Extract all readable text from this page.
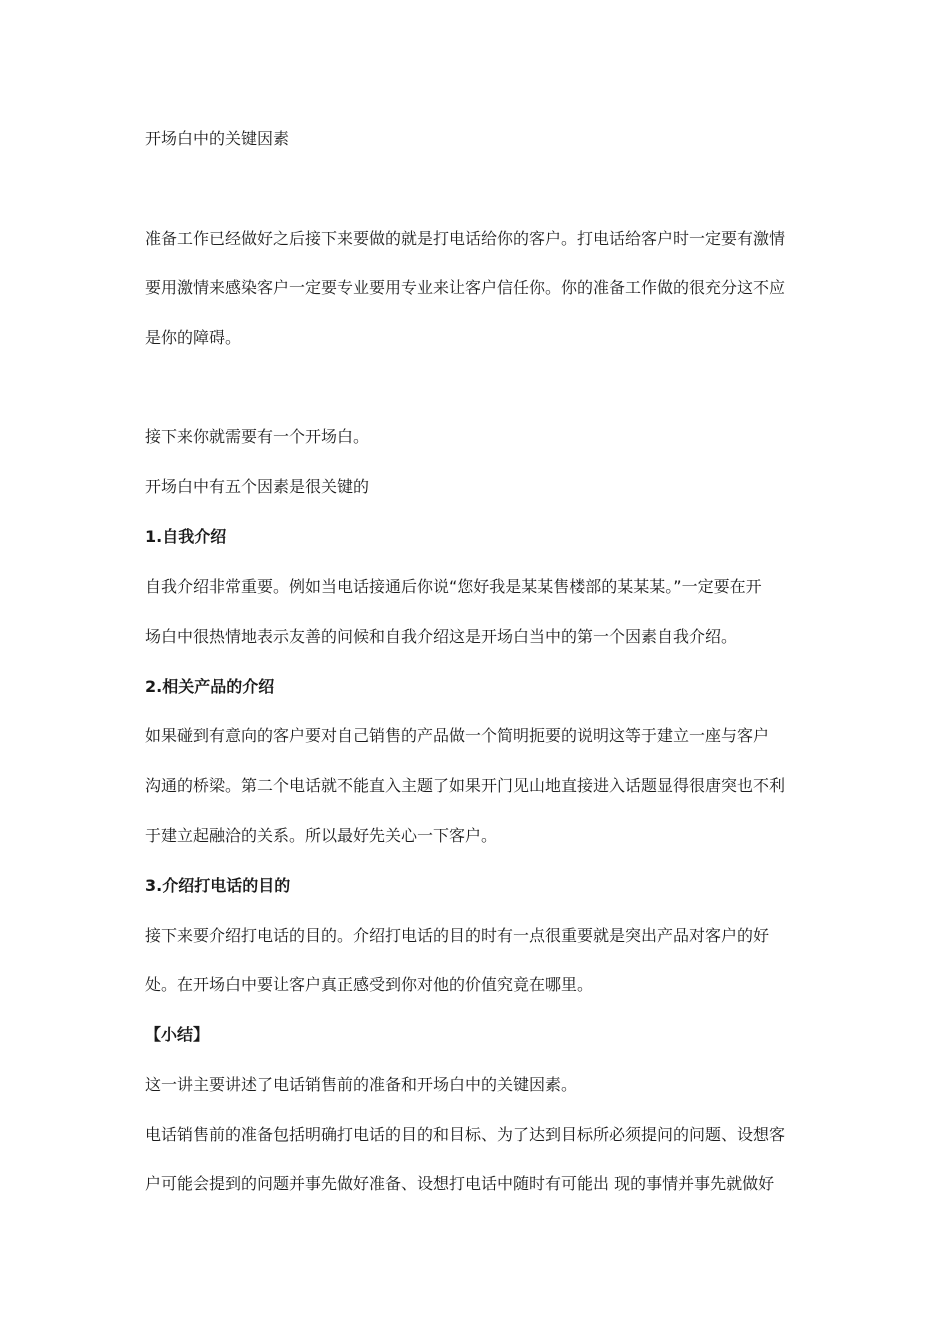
开场白中的关键因素
准备工作已经做好之后接下来要做的就是打电话给你的客户。打电话给客户时一定要有激情
要用激情来感染客户一定要专业要用专业来让客户信任你。你的准备工作做的很充分这不应
是你的障碍。
接下来你就需要有一个开场白。
开场白中有五个因素是很关键的
1.自我介绍
自我介绍非常重要。例如当电话接通后你说“您好我是某某售楼部的某某某。”一定要在开
场白中很热情地表示友善的问候和自我介绍这是开场白当中的第一个因素自我介绍。
2.相关产品的介绍
如果碰到有意向的客户要对自己销售的产品做一个简明扼要的说明这等于建立一座与客户
沟通的桥梁。第二个电话就不能直入主题了如果开门见山地直接进入话题显得很唐突也不利
于建立起融洽的关系。所以最好先关心一下客户。
3.介绍打电话的目的
接下来要介绍打电话的目的。介绍打电话的目的时有一点很重要就是突出产品对客户的好
处。在开场白中要让客户真正感受到你对他的价值究竟在哪里。
【小结】
这一讲主要讲述了电话销售前的准备和开场白中的关键因素。
电话销售前的准备包括明确打电话的目的和目标、为了达到目标所必须提问的问题、设想客
户可能会提到的问题并事先做好准备、设想打电话中随时有可能出 现的事情并事先就做好
